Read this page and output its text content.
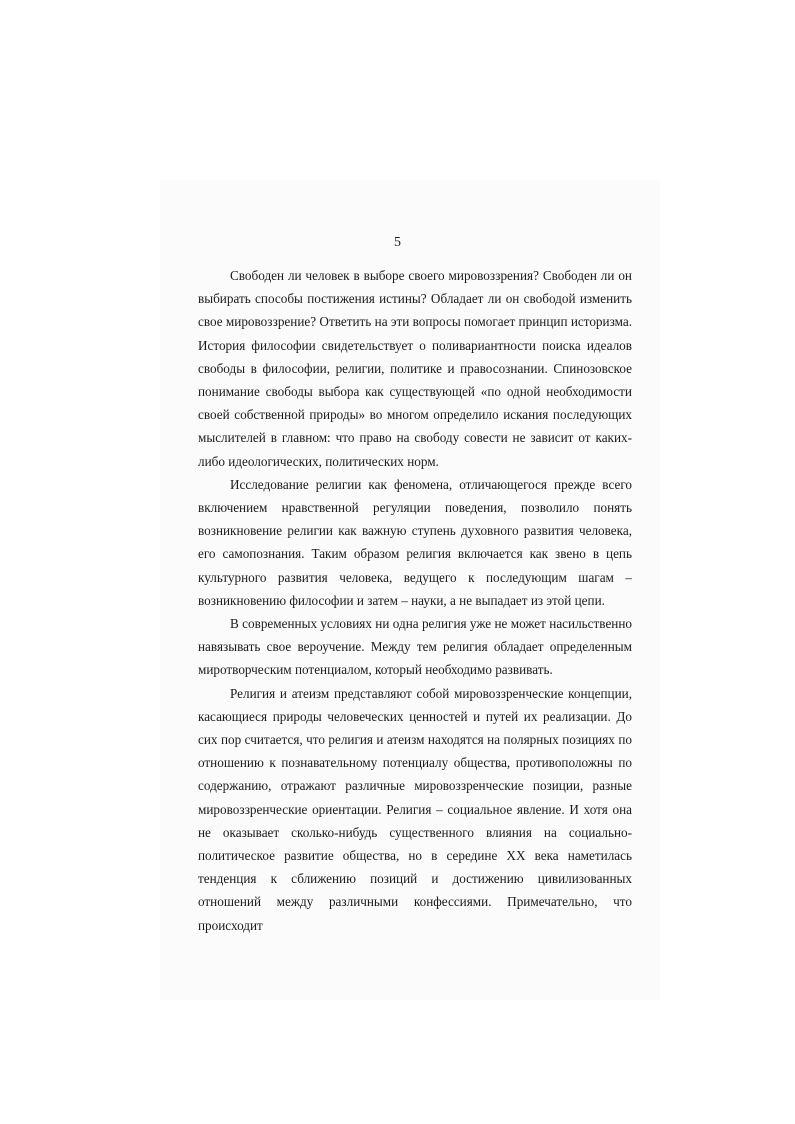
5

Свободен ли человек в выборе своего мировоззрения? Свободен ли он выбирать способы постижения истины? Обладает ли он свободой изменить свое мировоззрение? Ответить на эти вопросы помогает принцип историзма. История философии свидетельствует о поливариантности поиска идеалов свободы в философии, религии, политике и правосознании. Спинозовское понимание свободы выбора как существующей «по одной необходимости своей собственной природы» во многом определило искания последующих мыслителей в главном: что право на свободу совести не зависит от каких-либо идеологических, политических норм.

Исследование религии как феномена, отличающегося прежде всего включением нравственной регуляции поведения, позволило понять возникновение религии как важную ступень духовного развития человека, его самопознания. Таким образом религия включается как звено в цепь культурного развития человека, ведущего к последующим шагам – возникновению философии и затем – науки, а не выпадает из этой цепи.

В современных условиях ни одна религия уже не может насильственно навязывать свое вероучение. Между тем религия обладает определенным миротворческим потенциалом, который необходимо развивать.

Религия и атеизм представляют собой мировоззренческие концепции, касающиеся природы человеческих ценностей и путей их реализации. До сих пор считается, что религия и атеизм находятся на полярных позициях по отношению к познавательному потенциалу общества, противоположны по содержанию, отражают различные мировоззренческие позиции, разные мировоззренческие ориентации. Религия – социальное явление. И хотя она не оказывает сколько-нибудь существенного влияния на социально-политическое развитие общества, но в середине XX века наметилась тенденция к сближению позиций и достижению цивилизованных отношений между различными конфессиями. Примечательно, что происходит
